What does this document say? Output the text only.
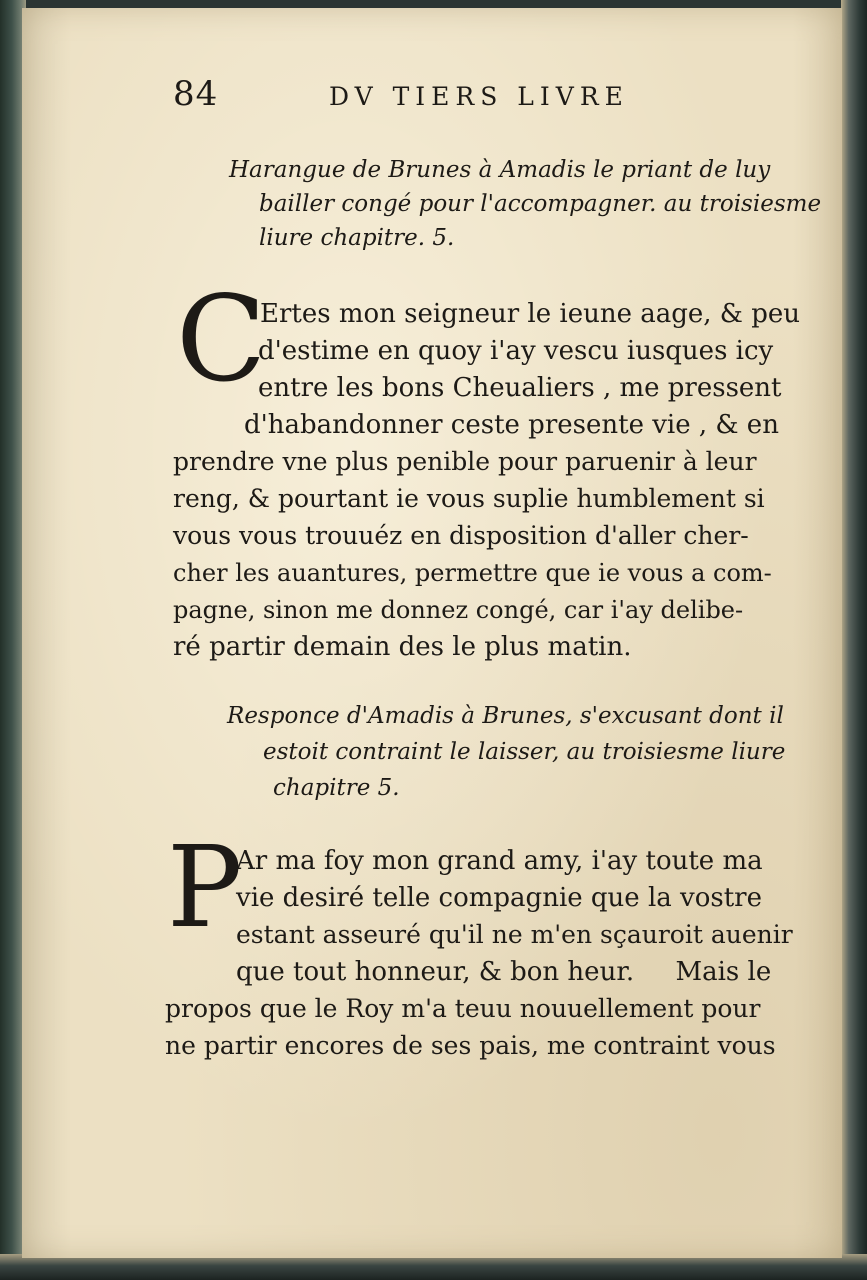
84	DV TIERS LIVRE
Harangue de Brunes à Amadis le priant de luy
bailler congé pour l'accompagner. au troisiesme
liure chapitre. 5.
C
Ertes mon seigneur le ieune aage, & peu
d'estime en quoy i'ay vescu iusques icy
entre les bons Cheualiers , me pressent
d'habandonner ceste presente vie , & en
prendre vne plus penible pour paruenir à leur
reng, & pourtant ie vous suplie humblement si
vous vous trouuéz en disposition d'aller cher-
cher les auantures, permettre que ie vous a com-
pagne, sinon me donnez congé, car i'ay delibe-
ré partir demain des le plus matin.
Responce d'Amadis à Brunes, s'excusant dont il
estoit contraint le laisser, au troisiesme liure
chapitre 5.
P
Ar ma foy mon grand amy, i'ay toute ma
vie desiré telle compagnie que la vostre
estant asseuré qu'il ne m'en sçauroit auenir
que tout honneur, & bon heur.     Mais le
propos que le Roy m'a teuu nouuellement pour
ne partir encores de ses pais, me contraint vous
